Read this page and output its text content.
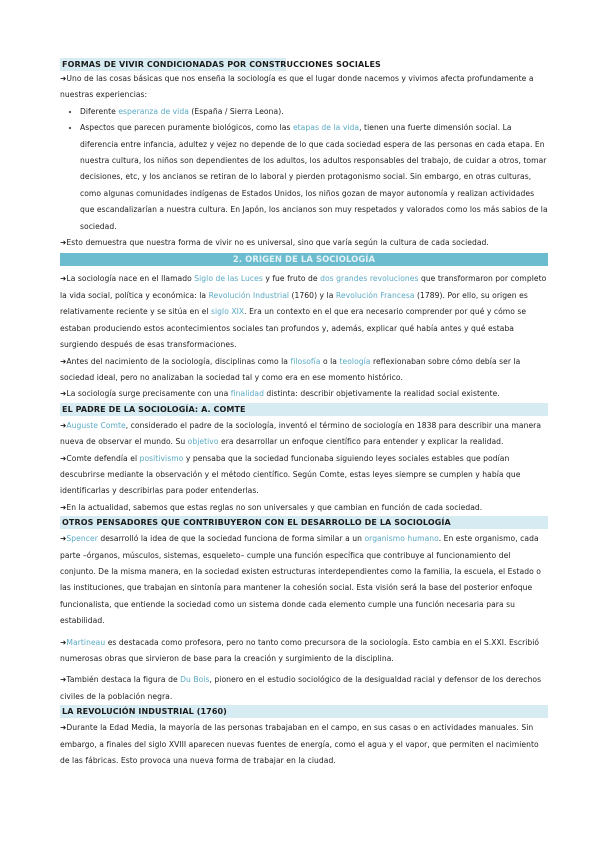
FORMAS DE VIVIR CONDICIONADAS POR CONSTRUCCIONES SOCIALES

➜Uno de las cosas básicas que nos enseña la sociología es que el lugar donde nacemos y vivimos afecta profundamente a nuestras experiencias:

• Diferente esperanza de vida (España / Sierra Leona).
• Aspectos que parecen puramente biológicos, como las etapas de la vida, tienen una fuerte dimensión social. La diferencia entre infancia, adultez y vejez no depende de lo que cada sociedad espera de las personas en cada etapa. En nuestra cultura, los niños son dependientes de los adultos, los adultos responsables del trabajo, de cuidar a otros, tomar decisiones, etc, y los ancianos se retiran de lo laboral y pierden protagonismo social. Sin embargo, en otras culturas, como algunas comunidades indígenas de Estados Unidos, los niños gozan de mayor autonomía y realizan actividades que escandalizarían a nuestra cultura. En Japón, los ancianos son muy respetados y valorados como los más sabios de la sociedad.

➜Esto demuestra que nuestra forma de vivir no es universal, sino que varía según la cultura de cada sociedad.

2. ORIGEN DE LA SOCIOLOGÍA

➜La sociología nace en el llamado Siglo de las Luces y fue fruto de dos grandes revoluciones que transformaron por completo la vida social, política y económica: la Revolución Industrial (1760) y la Revolución Francesa (1789). Por ello, su origen es relativamente reciente y se sitúa en el siglo XIX. Era un contexto en el que era necesario comprender por qué y cómo se estaban produciendo estos acontecimientos sociales tan profundos y, además, explicar qué había antes y qué estaba surgiendo después de esas transformaciones.

➜Antes del nacimiento de la sociología, disciplinas como la filosofía o la teología reflexionaban sobre cómo debía ser la sociedad ideal, pero no analizaban la sociedad tal y como era en ese momento histórico.

➜La sociología surge precisamente con una finalidad distinta: describir objetivamente la realidad social existente.

EL PADRE DE LA SOCIOLOGÍA: A. COMTE

➜Auguste Comte, considerado el padre de la sociología, inventó el término de sociología en 1838 para describir una manera nueva de observar el mundo. Su objetivo era desarrollar un enfoque científico para entender y explicar la realidad.

➜Comte defendía el positivismo y pensaba que la sociedad funcionaba siguiendo leyes sociales estables que podían descubrirse mediante la observación y el método científico. Según Comte, estas leyes siempre se cumplen y había que identificarlas y describirlas para poder entenderlas.

➜En la actualidad, sabemos que estas reglas no son universales y que cambian en función de cada sociedad.

OTROS PENSADORES QUE CONTRIBUYERON CON EL DESARROLLO DE LA SOCIOLOGÍA

➜Spencer desarrolló la idea de que la sociedad funciona de forma similar a un organismo humano. En este organismo, cada parte –órganos, músculos, sistemas, esqueleto– cumple una función específica que contribuye al funcionamiento del conjunto. De la misma manera, en la sociedad existen estructuras interdependientes como la familia, la escuela, el Estado o las instituciones, que trabajan en sintonía para mantener la cohesión social. Esta visión será la base del posterior enfoque funcionalista, que entiende la sociedad como un sistema donde cada elemento cumple una función necesaria para su estabilidad.

➜Martineau es destacada como profesora, pero no tanto como precursora de la sociología. Esto cambia en el S.XXI. Escribió numerosas obras que sirvieron de base para la creación y surgimiento de la disciplina.

➜También destaca la figura de Du Bois, pionero en el estudio sociológico de la desigualdad racial y defensor de los derechos civiles de la población negra.

LA REVOLUCIÓN INDUSTRIAL (1760)

➜Durante la Edad Media, la mayoría de las personas trabajaban en el campo, en sus casas o en actividades manuales. Sin embargo, a finales del siglo XVIII aparecen nuevas fuentes de energía, como el agua y el vapor, que permiten el nacimiento de las fábricas. Esto provoca una nueva forma de trabajar en la ciudad.
